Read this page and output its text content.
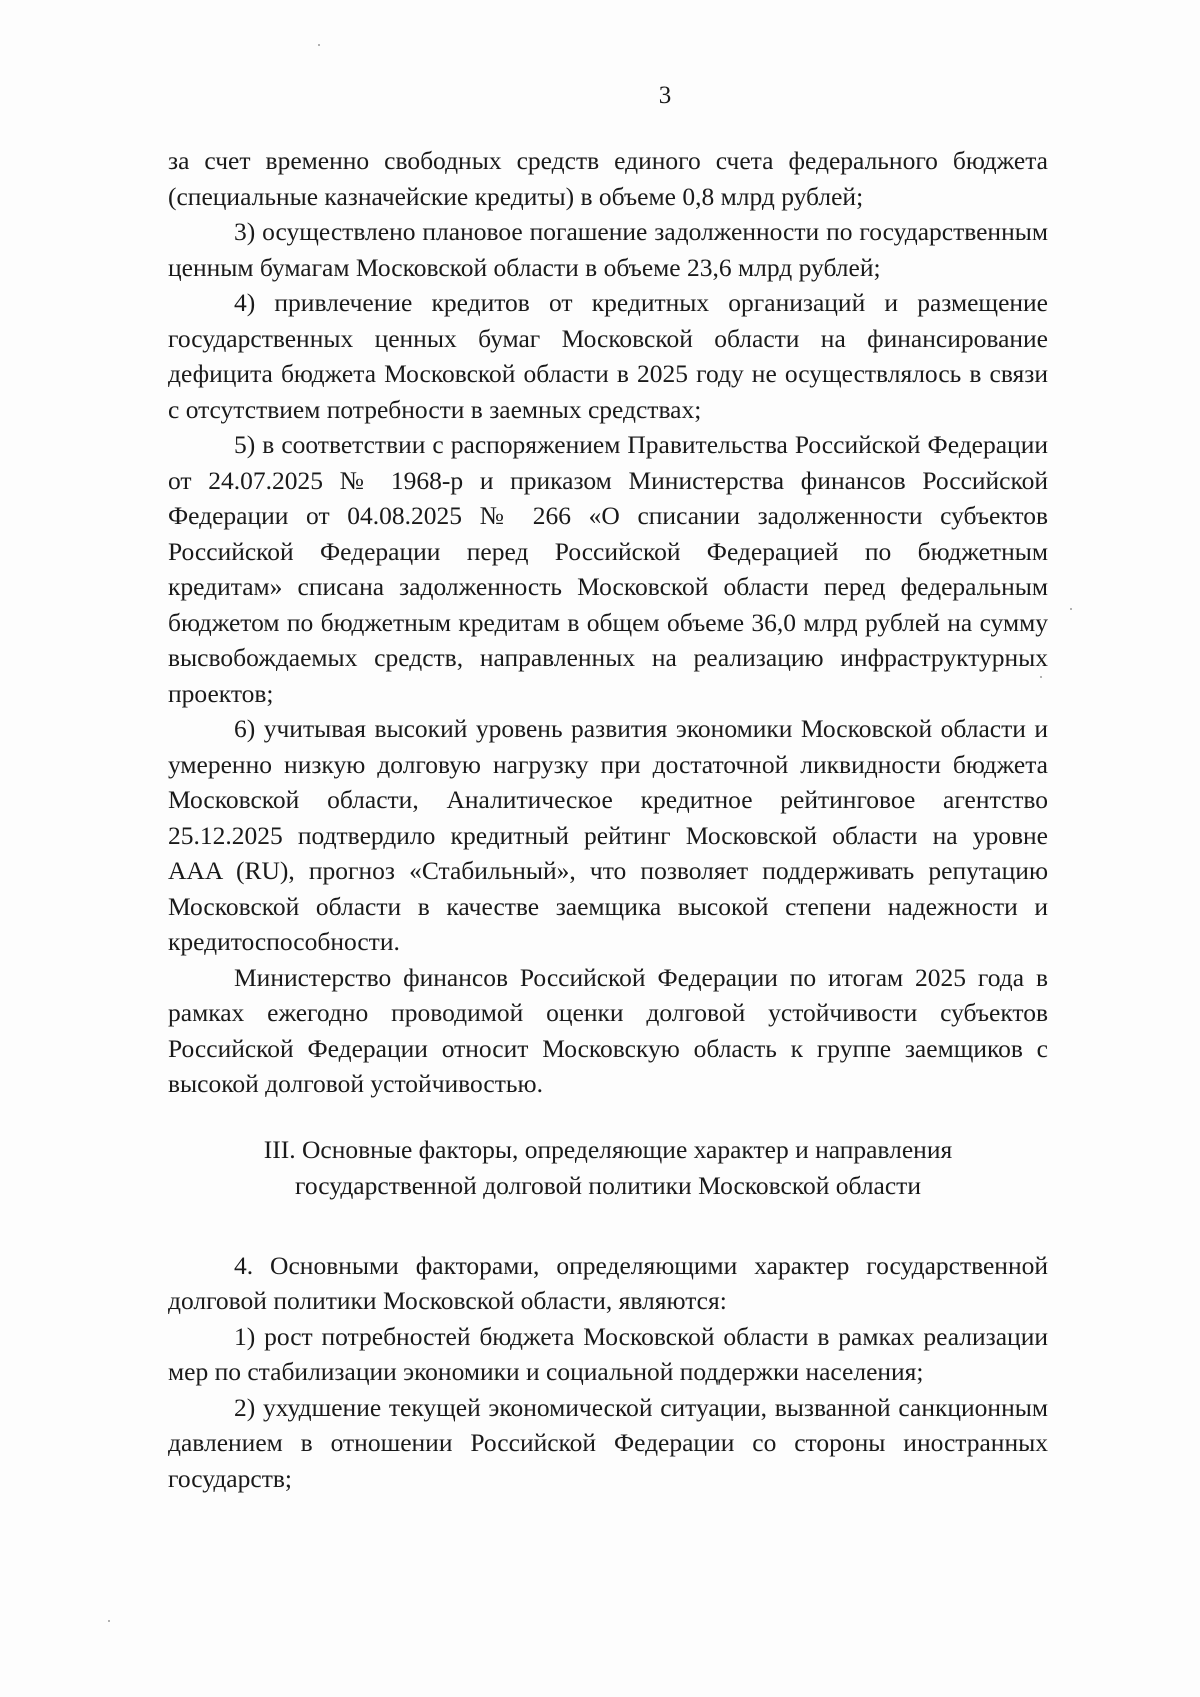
3

за счет временно свободных средств единого счета федерального бюджета (специальные казначейские кредиты) в объеме 0,8 млрд рублей;

3) осуществлено плановое погашение задолженности по государственным ценным бумагам Московской области в объеме 23,6 млрд рублей;

4) привлечение кредитов от кредитных организаций и размещение государственных ценных бумаг Московской области на финансирование дефицита бюджета Московской области в 2025 году не осуществлялось в связи с отсутствием потребности в заемных средствах;

5) в соответствии с распоряжением Правительства Российской Федерации от 24.07.2025 № 1968-р и приказом Министерства финансов Российской Федерации от 04.08.2025 № 266 «О списании задолженности субъектов Российской Федерации перед Российской Федерацией по бюджетным кредитам» списана задолженность Московской области перед федеральным бюджетом по бюджетным кредитам в общем объеме 36,0 млрд рублей на сумму высвобождаемых средств, направленных на реализацию инфраструктурных проектов;

6) учитывая высокий уровень развития экономики Московской области и умеренно низкую долговую нагрузку при достаточной ликвидности бюджета Московской области, Аналитическое кредитное рейтинговое агентство 25.12.2025 подтвердило кредитный рейтинг Московской области на уровне AAA (RU), прогноз «Стабильный», что позволяет поддерживать репутацию Московской области в качестве заемщика высокой степени надежности и кредитоспособности.

Министерство финансов Российской Федерации по итогам 2025 года в рамках ежегодно проводимой оценки долговой устойчивости субъектов Российской Федерации относит Московскую область к группе заемщиков с высокой долговой устойчивостью.

III. Основные факторы, определяющие характер и направления
государственной долговой политики Московской области

4. Основными факторами, определяющими характер государственной долговой политики Московской области, являются:

1) рост потребностей бюджета Московской области в рамках реализации мер по стабилизации экономики и социальной поддержки населения;

2) ухудшение текущей экономической ситуации, вызванной санкционным давлением в отношении Российской Федерации со стороны иностранных государств;
